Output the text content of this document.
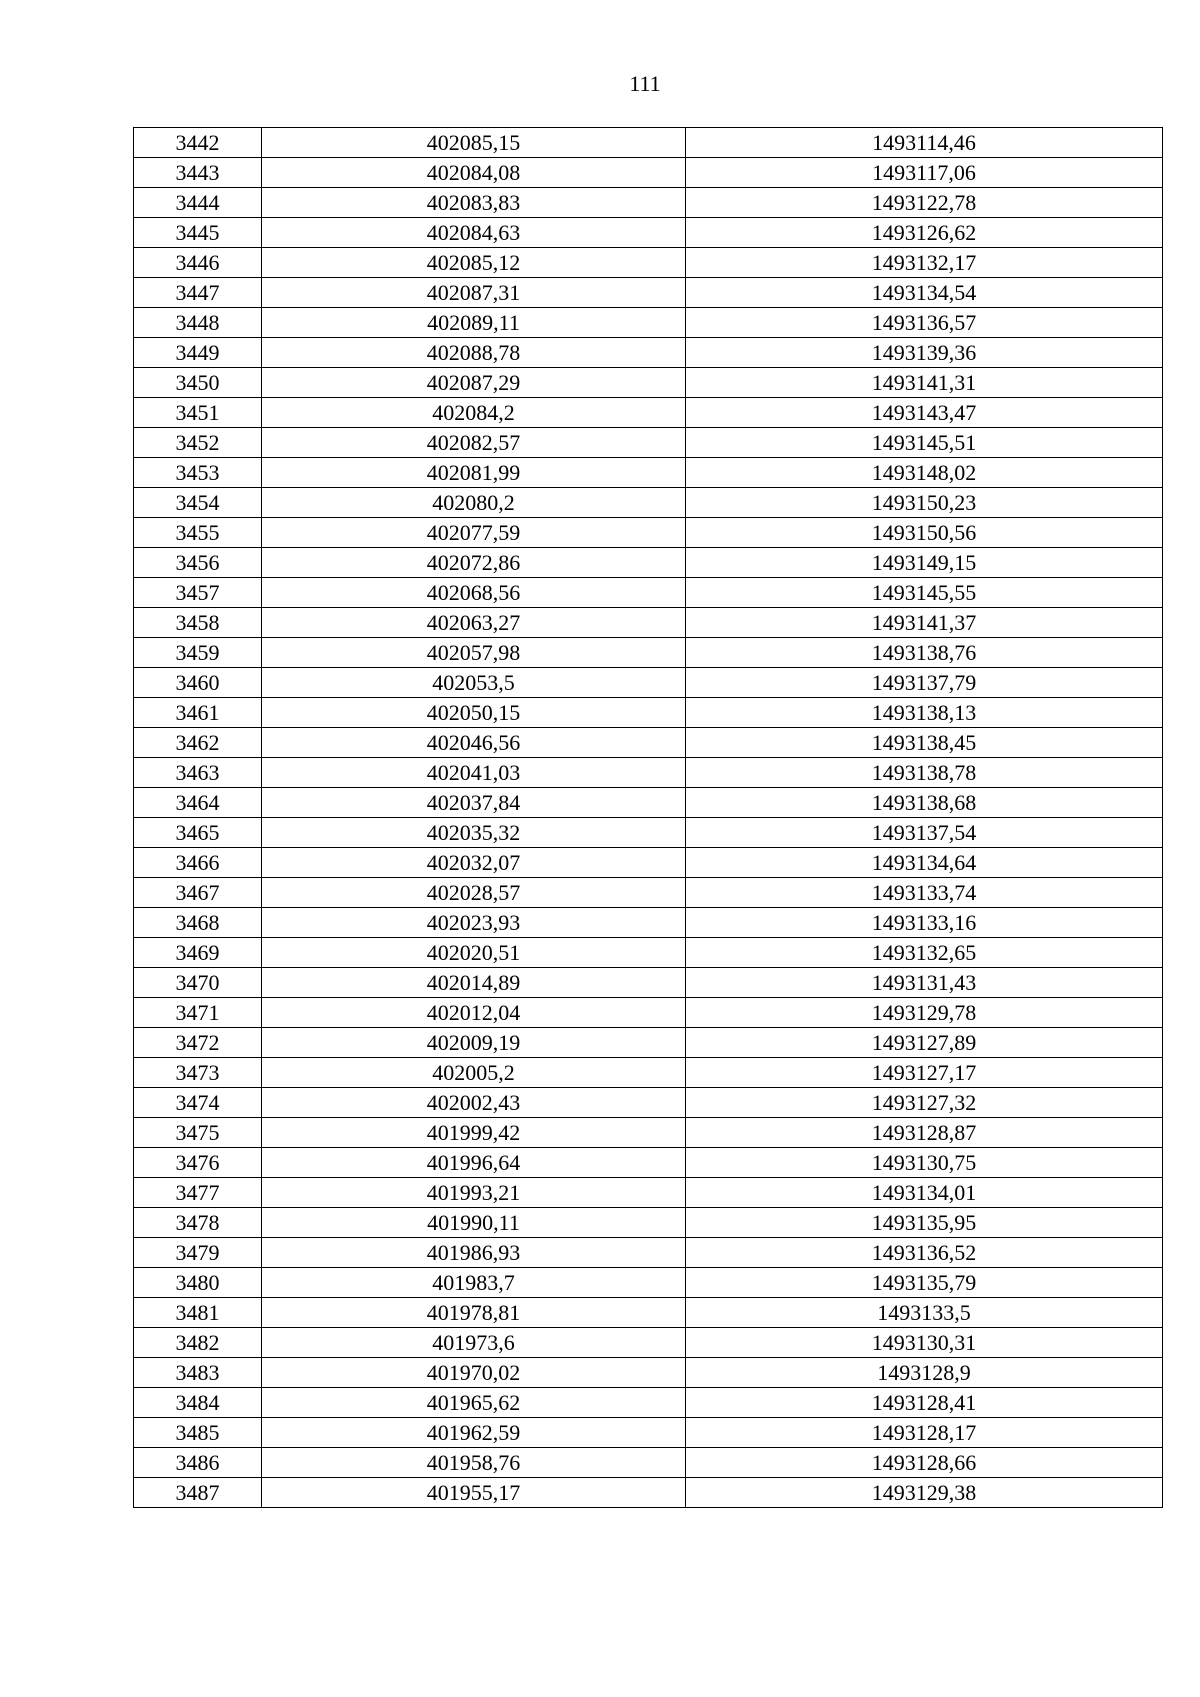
111
3442	402085,15	1493114,46
3443	402084,08	1493117,06
3444	402083,83	1493122,78
3445	402084,63	1493126,62
3446	402085,12	1493132,17
3447	402087,31	1493134,54
3448	402089,11	1493136,57
3449	402088,78	1493139,36
3450	402087,29	1493141,31
3451	402084,2	1493143,47
3452	402082,57	1493145,51
3453	402081,99	1493148,02
3454	402080,2	1493150,23
3455	402077,59	1493150,56
3456	402072,86	1493149,15
3457	402068,56	1493145,55
3458	402063,27	1493141,37
3459	402057,98	1493138,76
3460	402053,5	1493137,79
3461	402050,15	1493138,13
3462	402046,56	1493138,45
3463	402041,03	1493138,78
3464	402037,84	1493138,68
3465	402035,32	1493137,54
3466	402032,07	1493134,64
3467	402028,57	1493133,74
3468	402023,93	1493133,16
3469	402020,51	1493132,65
3470	402014,89	1493131,43
3471	402012,04	1493129,78
3472	402009,19	1493127,89
3473	402005,2	1493127,17
3474	402002,43	1493127,32
3475	401999,42	1493128,87
3476	401996,64	1493130,75
3477	401993,21	1493134,01
3478	401990,11	1493135,95
3479	401986,93	1493136,52
3480	401983,7	1493135,79
3481	401978,81	1493133,5
3482	401973,6	1493130,31
3483	401970,02	1493128,9
3484	401965,62	1493128,41
3485	401962,59	1493128,17
3486	401958,76	1493128,66
3487	401955,17	1493129,38
